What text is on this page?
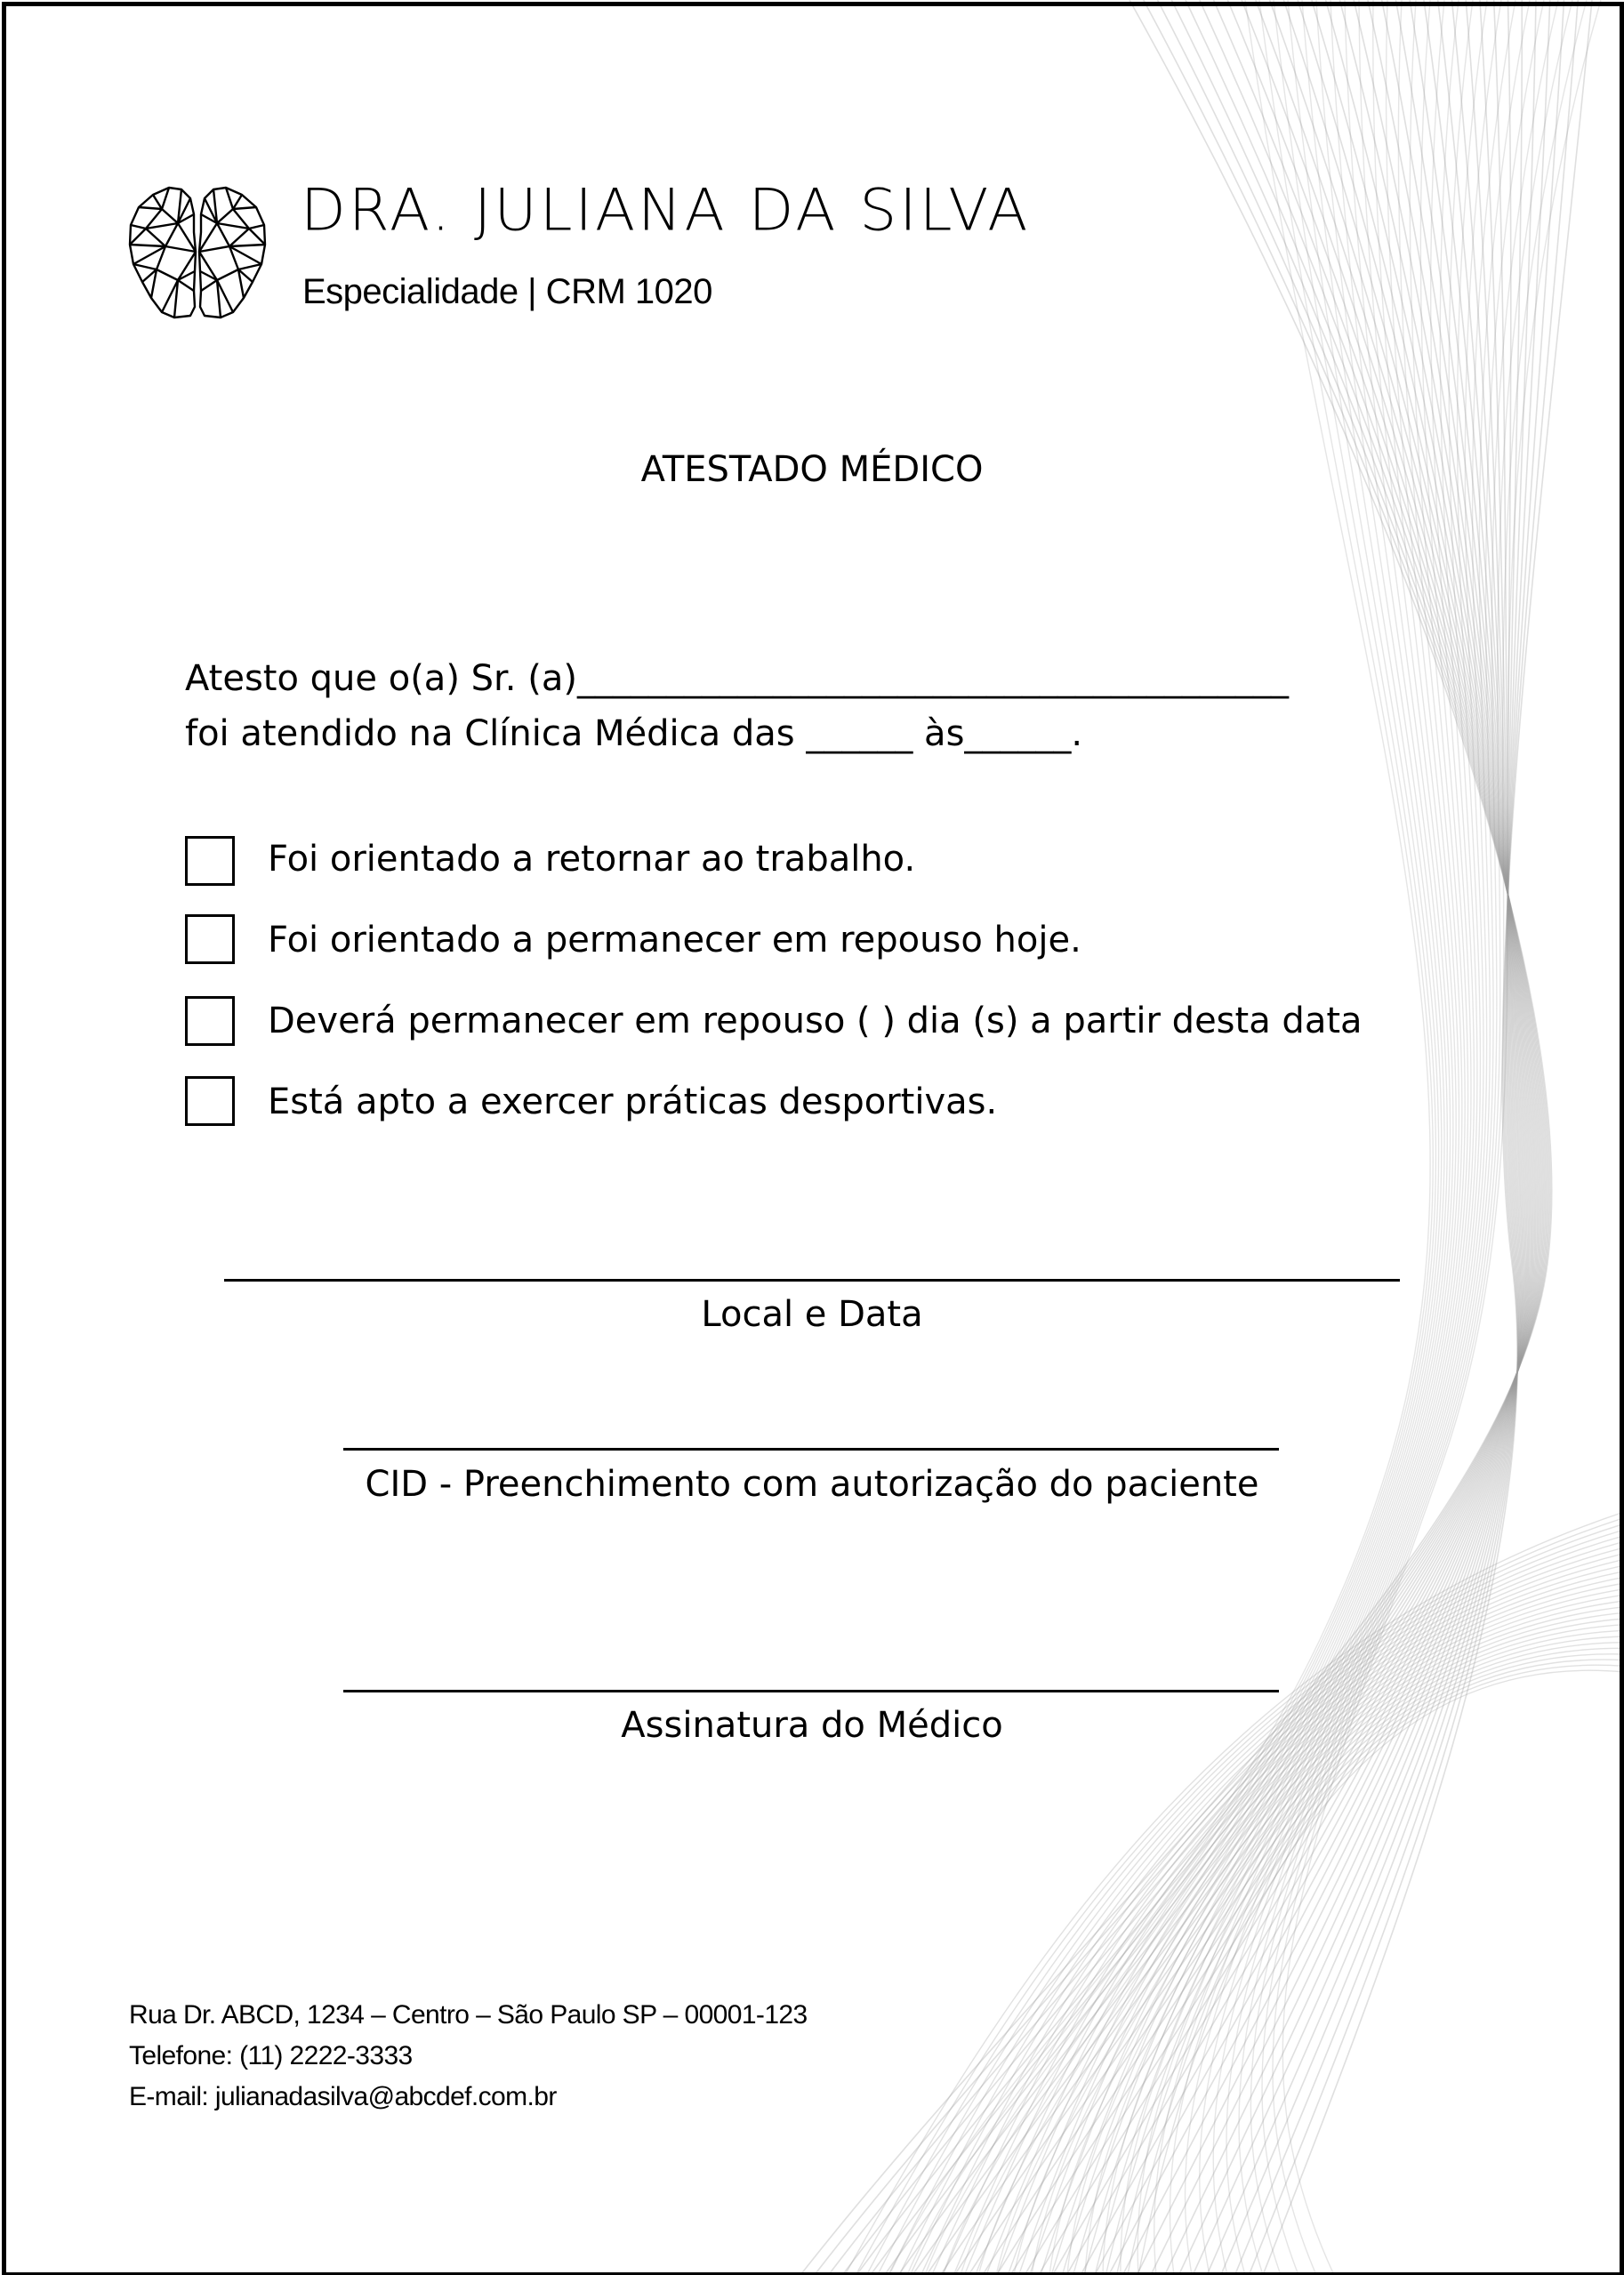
DRA. JULIANA DA SILVA
Especialidade | CRM 1020
ATESTADO MÉDICO
Atesto que o(a) Sr. (a)________________________________________
foi atendido na Clínica Médica das ______ às______.
Foi orientado a retornar ao trabalho.
Foi orientado a permanecer em repouso hoje.
Deverá permanecer em repouso ( ) dia (s) a partir desta data
Está apto a exercer práticas desportivas.
Local e Data
CID - Preenchimento com autorização do paciente
Assinatura do Médico
Rua Dr. ABCD, 1234 – Centro – São Paulo SP – 00001-123
Telefone: (11) 2222-3333
E-mail: julianadasilva@abcdef.com.br
